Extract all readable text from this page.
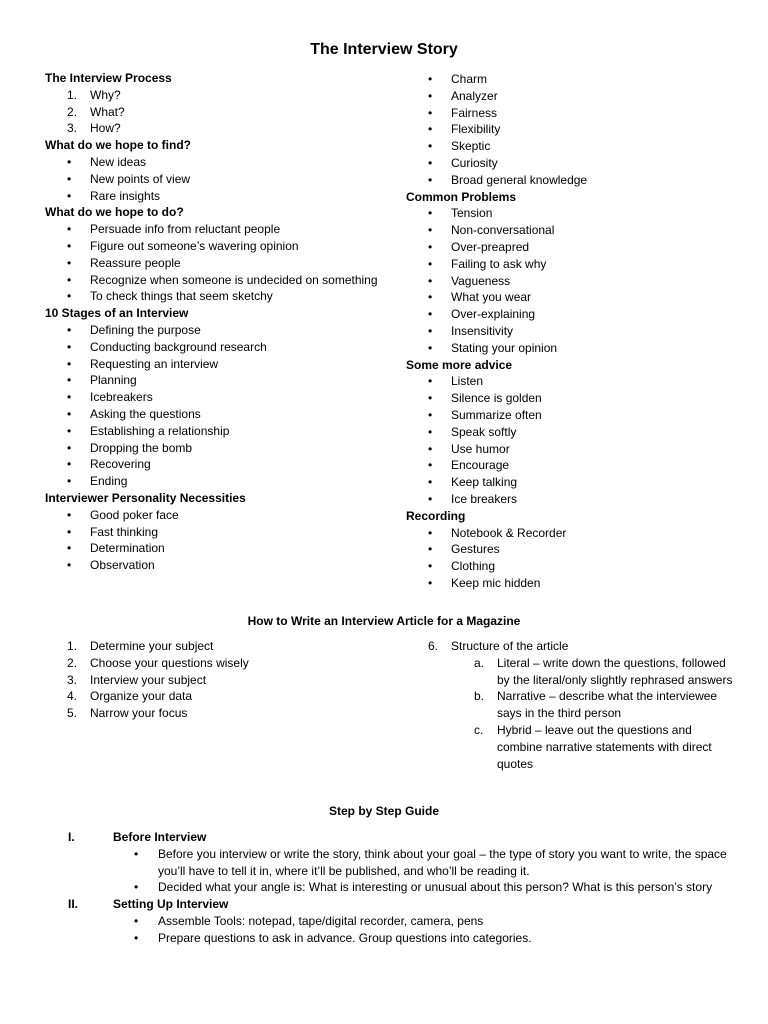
The Interview Story
The Interview Process
1. Why?
2. What?
3. How?
What do we hope to find?
• New ideas
• New points of view
• Rare insights
What do we hope to do?
• Persuade info from reluctant people
• Figure out someone’s wavering opinion
• Reassure people
• Recognize when someone is undecided on something
• To check things that seem sketchy
10 Stages of an Interview
• Defining the purpose
• Conducting background research
• Requesting an interview
• Planning
• Icebreakers
• Asking the questions
• Establishing a relationship
• Dropping the bomb
• Recovering
• Ending
Interviewer Personality Necessities
• Good poker face
• Fast thinking
• Determination
• Observation
• Charm
• Analyzer
• Fairness
• Flexibility
• Skeptic
• Curiosity
• Broad general knowledge
Common Problems
• Tension
• Non-conversational
• Over-preapred
• Failing to ask why
• Vagueness
• What you wear
• Over-explaining
• Insensitivity
• Stating your opinion
Some more advice
• Listen
• Silence is golden
• Summarize often
• Speak softly
• Use humor
• Encourage
• Keep talking
• Ice breakers
Recording
• Notebook & Recorder
• Gestures
• Clothing
• Keep mic hidden
How to Write an Interview Article for a Magazine
1. Determine your subject
2. Choose your questions wisely
3. Interview your subject
4. Organize your data
5. Narrow your focus
6. Structure of the article
a. Literal – write down the questions, followed by the literal/only slightly rephrased answers
b. Narrative – describe what the interviewee says in the third person
c. Hybrid – leave out the questions and combine narrative statements with direct quotes
Step by Step Guide
I.	Before Interview
• Before you interview or write the story, think about your goal – the type of story you want to write, the space you’ll have to tell it in, where it’ll be published, and who’ll be reading it.
• Decided what your angle is: What is interesting or unusual about this person? What is this person’s story
II.	Setting Up Interview
• Assemble Tools: notepad, tape/digital recorder, camera, pens
• Prepare questions to ask in advance. Group questions into categories.
